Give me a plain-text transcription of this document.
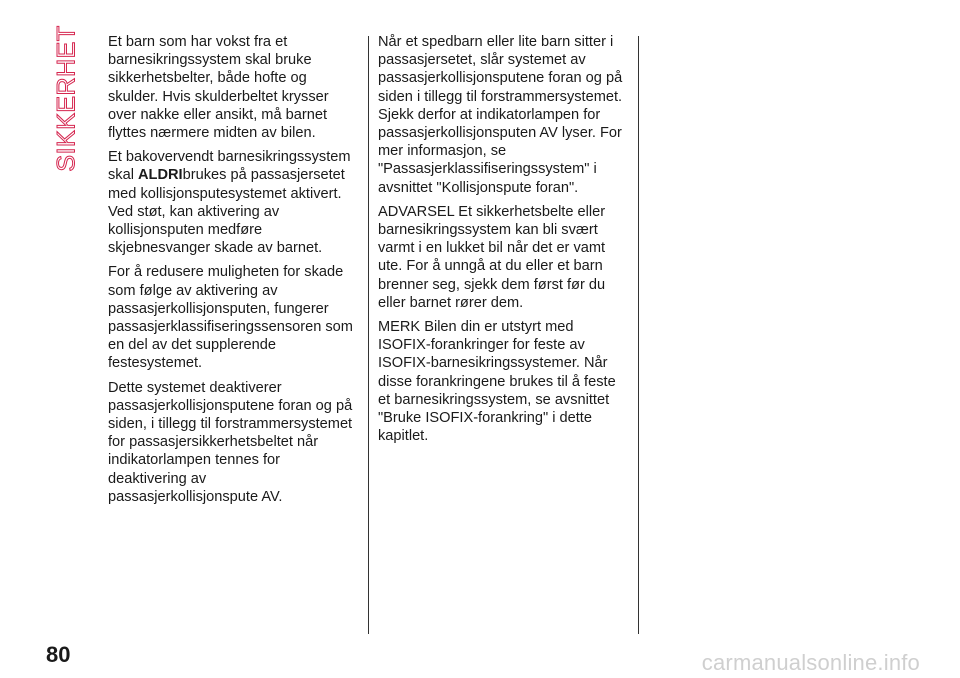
SIKKERHET Et barn som har vokst fra et barnesikringssystem skal bruke sikkerhetsbelter, både hofte og skulder. Hvis skulderbeltet krysser over nakke eller ansikt, må barnet flyttes nærmere midten av bilen.

Et bakovervendt barnesikringssystem skal ALDRIbrukes på passasjersetet med kollisjonsputesystemet aktivert. Ved støt, kan aktivering av kollisjonsputen medføre skjebnesvanger skade av barnet.

For å redusere muligheten for skade som følge av aktivering av passasjerkollisjonsputen, fungerer passasjerklassifiseringssensoren som en del av det supplerende festesystemet.

Dette systemet deaktiverer passasjerkollisjonsputene foran og på siden, i tillegg til forstrammersystemet for passasjersikkerhetsbeltet når indikatorlampen tennes for deaktivering av passasjerkollisjonspute AV.

Når et spedbarn eller lite barn sitter i passasjersetet, slår systemet av passasjerkollisjonsputene foran og på siden i tillegg til forstrammersystemet. Sjekk derfor at indikatorlampen for passasjerkollisjonsputen AV lyser. For mer informasjon, se "Passasjerklassifiseringssystem" i avsnittet "Kollisjonspute foran".

ADVARSEL Et sikkerhetsbelte eller barnesikringssystem kan bli svært varmt i en lukket bil når det er vamt ute. For å unngå at du eller et barn brenner seg, sjekk dem først før du eller barnet rører dem.

MERK Bilen din er utstyrt med ISOFIX-forankringer for feste av ISOFIX-barnesikringssystemer. Når disse forankringene brukes til å feste et barnesikringssystem, se avsnittet "Bruke ISOFIX-forankring" i dette kapitlet.

80	carmanualsonline.info
